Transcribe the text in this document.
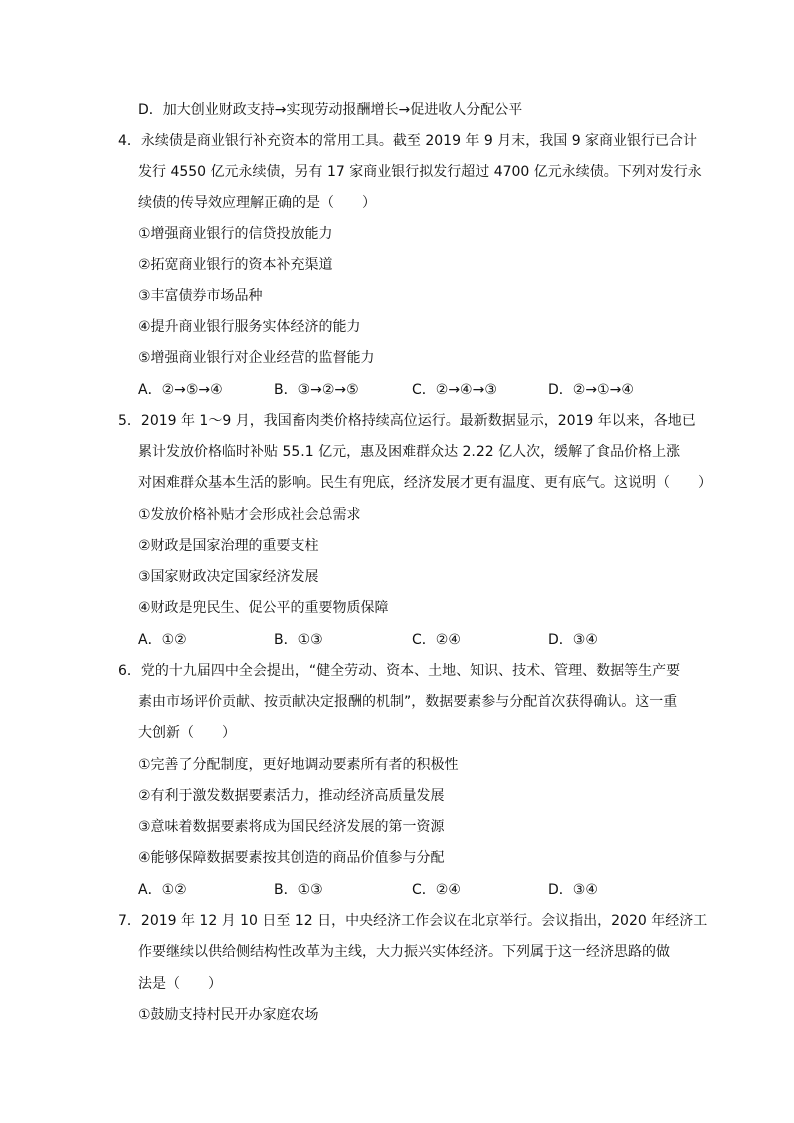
D．加大创业财政支持→实现劳动报酬增长→促进收人分配公平
4．永续债是商业银行补充资本的常用工具。截至 2019 年 9 月末，我国 9 家商业银行已合计
发行 4550 亿元永续债，另有 17 家商业银行拟发行超过 4700 亿元永续债。下列对发行永
续债的传导效应理解正确的是（　　）
①增强商业银行的信贷投放能力
②拓宽商业银行的资本补充渠道
③丰富债券市场品种
④提升商业银行服务实体经济的能力
⑤增强商业银行对企业经营的监督能力
A．②→⑤→④	B．③→②→⑤	C．②→④→③	D．②→①→④
5．2019 年 1～9 月，我国畜肉类价格持续高位运行。最新数据显示，2019 年以来，各地已
累计发放价格临时补贴 55.1 亿元，惠及困难群众达 2.22 亿人次，缓解了食品价格上涨
对困难群众基本生活的影响。民生有兜底，经济发展才更有温度、更有底气。这说明（　　）
①发放价格补贴才会形成社会总需求
②财政是国家治理的重要支柱
③国家财政决定国家经济发展
④财政是兜民生、促公平的重要物质保障
A．①②	B．①③	C．②④	D．③④
6．党的十九届四中全会提出，“健全劳动、资本、土地、知识、技术、管理、数据等生产要
素由市场评价贡献、按贡献决定报酬的机制”，数据要素参与分配首次获得确认。这一重
大创新（　　）
①完善了分配制度，更好地调动要素所有者的积极性
②有利于激发数据要素活力，推动经济高质量发展
③意味着数据要素将成为国民经济发展的第一资源
④能够保障数据要素按其创造的商品价值参与分配
A．①②	B．①③	C．②④	D．③④
7．2019 年 12 月 10 日至 12 日，中央经济工作会议在北京举行。会议指出，2020 年经济工
作要继续以供给侧结构性改革为主线，大力振兴实体经济。下列属于这一经济思路的做
法是（　　）
①鼓励支持村民开办家庭农场
